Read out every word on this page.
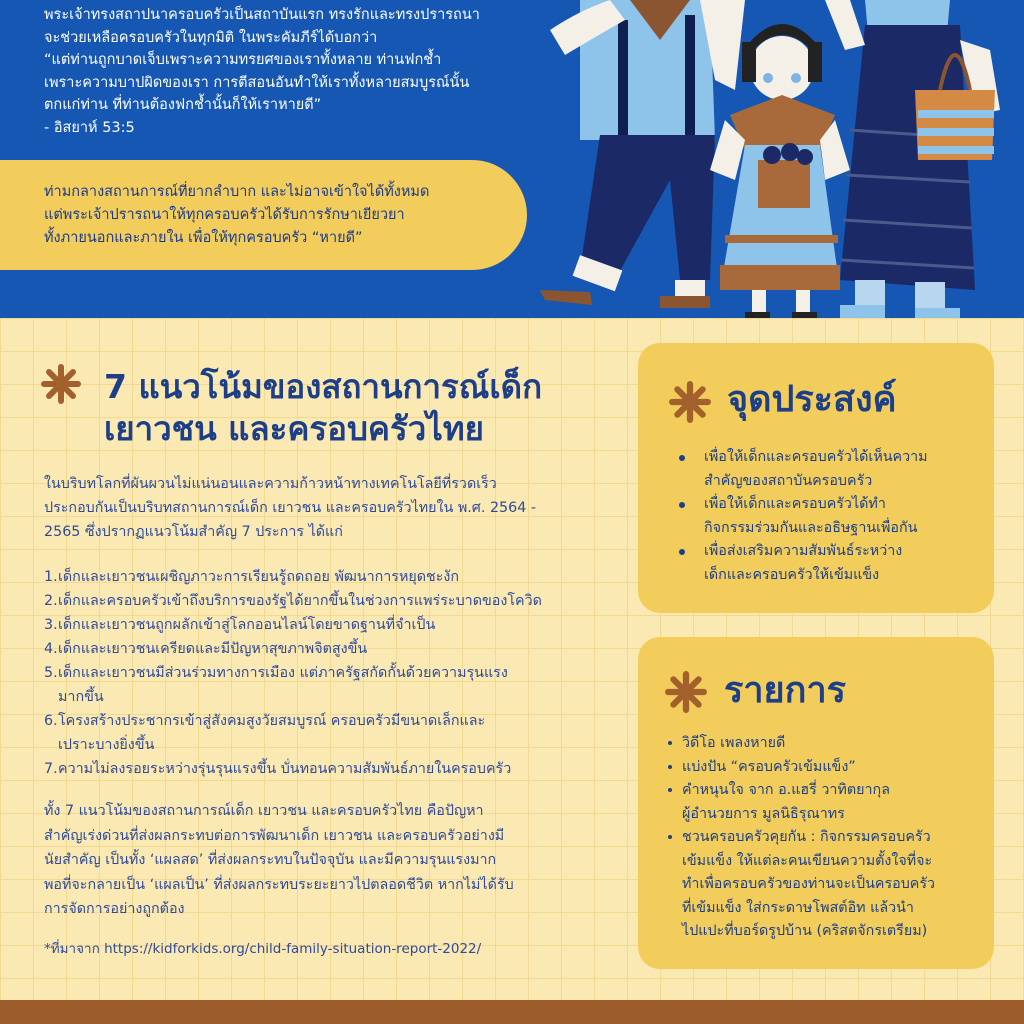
พระเจ้าทรงสถาปนาครอบครัวเป็นสถาบันแรก ทรงรักและทรงปรารถนา
จะช่วยเหลือครอบครัวในทุกมิติ ในพระคัมภีร์ได้บอกว่า
“แต่ท่านถูกบาดเจ็บเพราะความทรยศของเราทั้งหลาย ท่านฟกช้ำ
เพราะความบาปผิดของเรา การตีสอนอันทำให้เราทั้งหลายสมบูรณ์นั้น
ตกแก่ท่าน ที่ท่านต้องฟกช้ำนั้นก็ให้เราหายดี”
- อิสยาห์ 53:5
ท่ามกลางสถานการณ์ที่ยากลำบาก และไม่อาจเข้าใจได้ทั้งหมด
แต่พระเจ้าปรารถนาให้ทุกครอบครัวได้รับการรักษาเยียวยา
ทั้งภายนอกและภายใน เพื่อให้ทุกครอบครัว “หายดี”
7 แนวโน้มของสถานการณ์เด็ก
เยาวชน และครอบครัวไทย
ในบริบทโลกที่ผันผวนไม่แน่นอนและความก้าวหน้าทางเทคโนโลยีที่รวดเร็ว
ประกอบกันเป็นบริบทสถานการณ์เด็ก เยาวชน และครอบครัวไทยใน พ.ศ. 2564 -
2565 ซึ่งปรากฏแนวโน้มสำคัญ 7 ประการ ได้แก่
1.เด็กและเยาวชนเผชิญภาวะการเรียนรู้ถดถอย พัฒนาการหยุดชะงัก
2.เด็กและครอบครัวเข้าถึงบริการของรัฐได้ยากขึ้นในช่วงการแพร่ระบาดของโควิด
3.เด็กและเยาวชนถูกผลักเข้าสู่โลกออนไลน์โดยขาดฐานที่จำเป็น
4.เด็กและเยาวชนเครียดและมีปัญหาสุขภาพจิตสูงขึ้น
5.เด็กและเยาวชนมีส่วนร่วมทางการเมือง แต่ภาครัฐสกัดกั้นด้วยความรุนแรง
มากขึ้น
6.โครงสร้างประชากรเข้าสู่สังคมสูงวัยสมบูรณ์ ครอบครัวมีขนาดเล็กและ
เปราะบางยิ่งขึ้น
7.ความไม่ลงรอยระหว่างรุ่นรุนแรงขึ้น บั่นทอนความสัมพันธ์ภายในครอบครัว
ทั้ง 7 แนวโน้มของสถานการณ์เด็ก เยาวชน และครอบครัวไทย คือปัญหา
สำคัญเร่งด่วนที่ส่งผลกระทบต่อการพัฒนาเด็ก เยาวชน และครอบครัวอย่างมี
นัยสำคัญ เป็นทั้ง ‘แผลสด’ ที่ส่งผลกระทบในปัจจุบัน และมีความรุนแรงมาก
พอที่จะกลายเป็น ‘แผลเป็น’ ที่ส่งผลกระทบระยะยาวไปตลอดชีวิต หากไม่ได้รับ
การจัดการอย่างถูกต้อง
*ที่มาจาก https://kidforkids.org/child-family-situation-report-2022/
จุดประสงค์
เพื่อให้เด็กและครอบครัวได้เห็นความ
สำคัญของสถาบันครอบครัว
เพื่อให้เด็กและครอบครัวได้ทำ
กิจกรรมร่วมกันและอธิษฐานเพื่อกัน
เพื่อส่งเสริมความสัมพันธ์ระหว่าง
เด็กและครอบครัวให้เข้มแข็ง
รายการ
วิดีโอ เพลงหายดี
แบ่งปัน “ครอบครัวเข้มแข็ง”
คำหนุนใจ จาก อ.แฮรี่ วาทิตยากุล
ผู้อำนวยการ มูลนิธิรุณาทร
ชวนครอบครัวคุยกัน : กิจกรรมครอบครัว
เข้มแข็ง ให้แต่ละคนเขียนความตั้งใจที่จะ
ทำเพื่อครอบครัวของท่านจะเป็นครอบครัว
ที่เข้มแข็ง ใส่กระดาษโพสต์อิท แล้วนำ
ไปแปะที่บอร์ดรูปบ้าน (คริสตจักรเตรียม)
